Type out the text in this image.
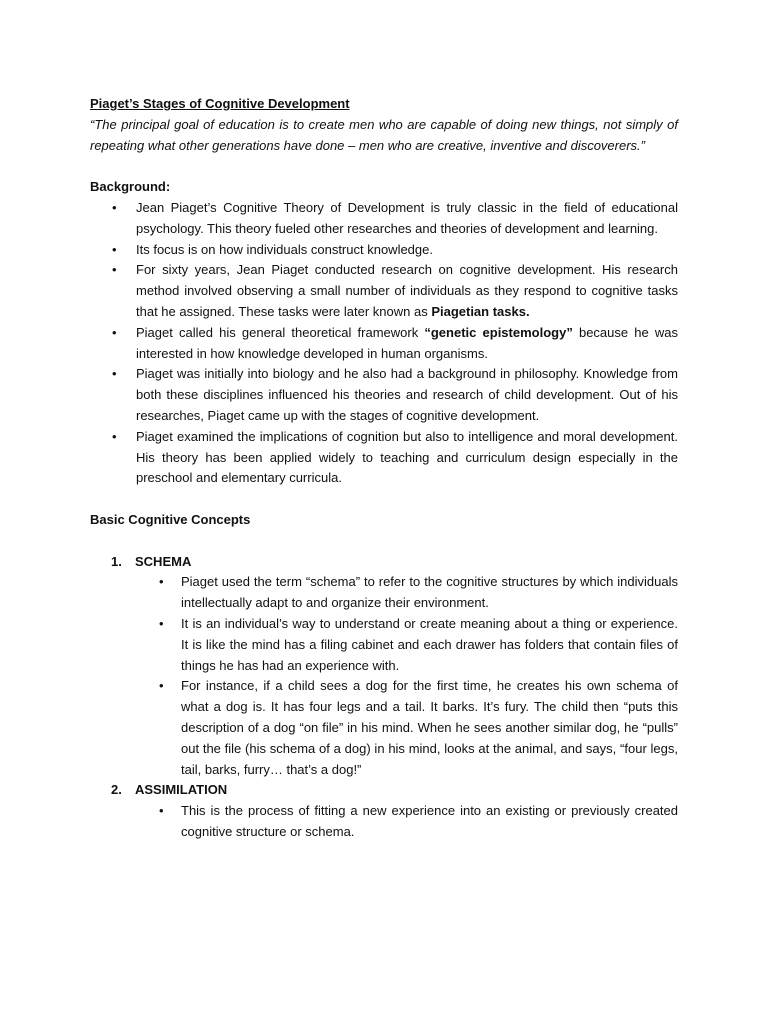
Piaget’s Stages of Cognitive Development
“The principal goal of education is to create men who are capable of doing new things, not simply of repeating what other generations have done – men who are creative, inventive and discoverers.”
Background:
• Jean Piaget’s Cognitive Theory of Development is truly classic in the field of educational psychology. This theory fueled other researches and theories of development and learning.
• Its focus is on how individuals construct knowledge.
• For sixty years, Jean Piaget conducted research on cognitive development. His research method involved observing a small number of individuals as they respond to cognitive tasks that he assigned. These tasks were later known as Piagetian tasks.
• Piaget called his general theoretical framework “genetic epistemology” because he was interested in how knowledge developed in human organisms.
• Piaget was initially into biology and he also had a background in philosophy. Knowledge from both these disciplines influenced his theories and research of child development. Out of his researches, Piaget came up with the stages of cognitive development.
• Piaget examined the implications of cognition but also to intelligence and moral development. His theory has been applied widely to teaching and curriculum design especially in the preschool and elementary curricula.
Basic Cognitive Concepts
1. SCHEMA
• Piaget used the term “schema” to refer to the cognitive structures by which individuals intellectually adapt to and organize their environment.
• It is an individual’s way to understand or create meaning about a thing or experience. It is like the mind has a filing cabinet and each drawer has folders that contain files of things he has had an experience with.
• For instance, if a child sees a dog for the first time, he creates his own schema of what a dog is. It has four legs and a tail. It barks. It’s fury. The child then “puts this description of a dog “on file” in his mind. When he sees another similar dog, he “pulls” out the file (his schema of a dog) in his mind, looks at the animal, and says, “four legs, tail, barks, furry… that’s a dog!”
2. ASSIMILATION
• This is the process of fitting a new experience into an existing or previously created cognitive structure or schema.
